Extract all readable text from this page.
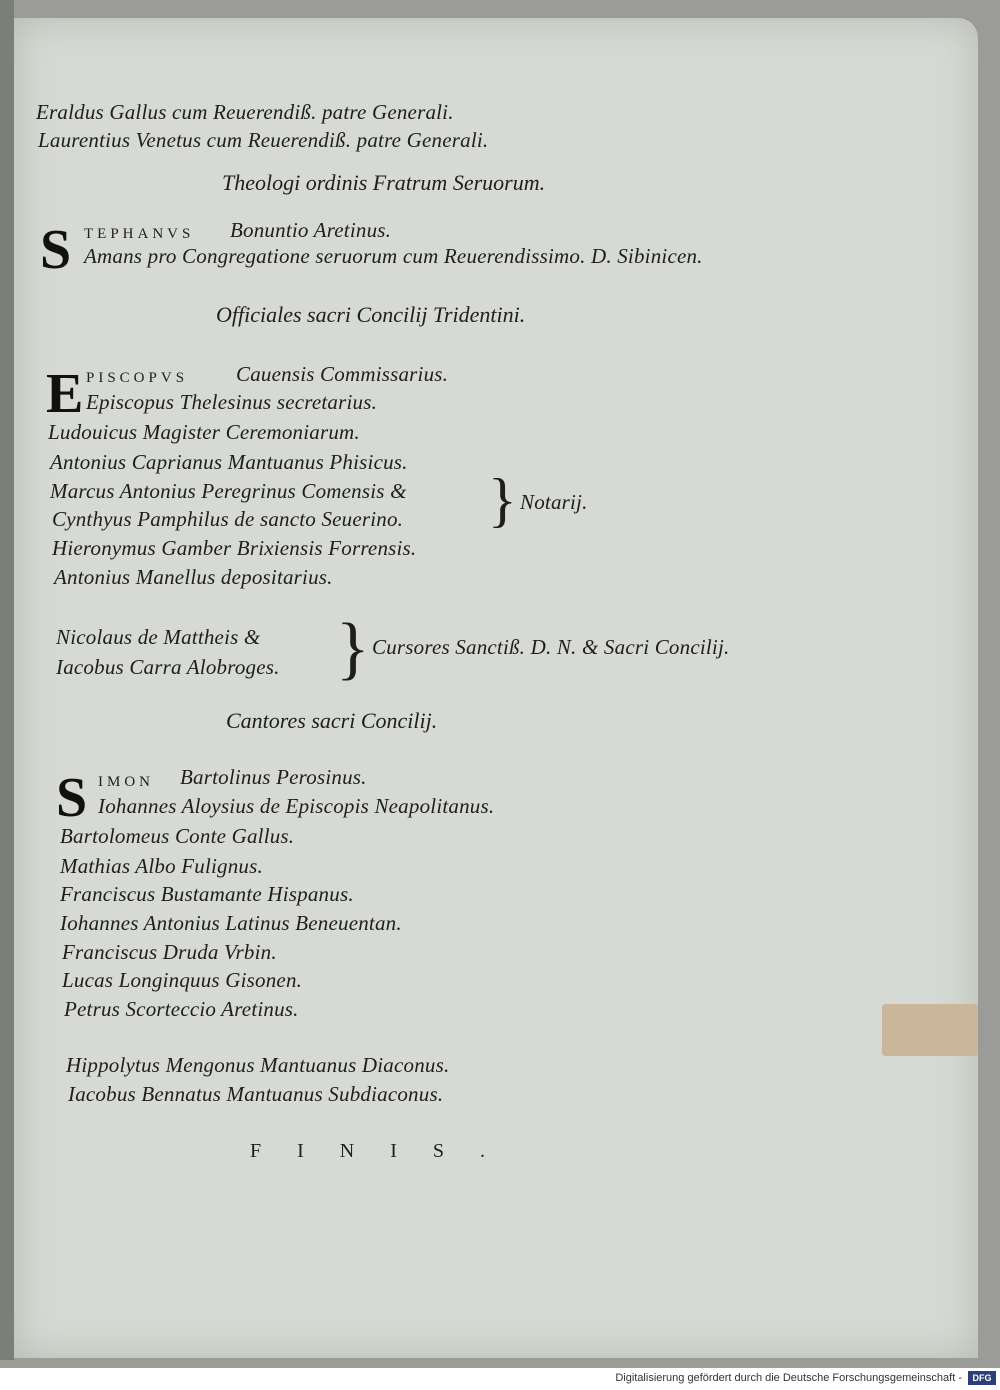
Eraldus Gallus cum Reuerendiß. patre Generali.
Laurentius Venetus cum Reuerendiß. patre Generali.
Theologi ordinis Fratrum Seruorum.
S TEPHANVS Bonuntio Aretinus.
Amans pro Congregatione seruorum cum Reuerendissimo. D. Sibinicen.
Officiales sacri Concilij Tridentini.
E PISCOPVS Cauensis Commissarius.
Episcopus Thelesinus secretarius.
Ludouicus Magister Ceremoniarum.
Antonius Caprianus Mantuanus Phisicus.
Marcus Antonius Peregrinus Comensis &
Cynthyus Pamphilus de sancto Seuerino.
Hieronymus Gamber Brixiensis Forrensis.
Antonius Manellus depositarius.
} Notarij.
Nicolaus de Mattheis &
Iacobus Carra Alobroges. } Cursores Sanctiß. D. N. & Sacri Concilij.
Cantores sacri Concilij.
S IMON Bartolinus Perosinus.
Iohannes Aloysius de Episcopis Neapolitanus.
Bartolomeus Conte Gallus.
Mathias Albo Fulignus.
Franciscus Bustamante Hispanus.
Iohannes Antonius Latinus Beneuentan.
Franciscus Druda Vrbin.
Lucas Longinquus Gisonen.
Petrus Scorteccio Aretinus.
Hippolytus Mengonus Mantuanus Diaconus.
Iacobus Bennatus Mantuanus Subdiaconus.
FINIS.
Digitalisierung gefördert durch die Deutsche Forschungsgemeinschaft -	DFG
